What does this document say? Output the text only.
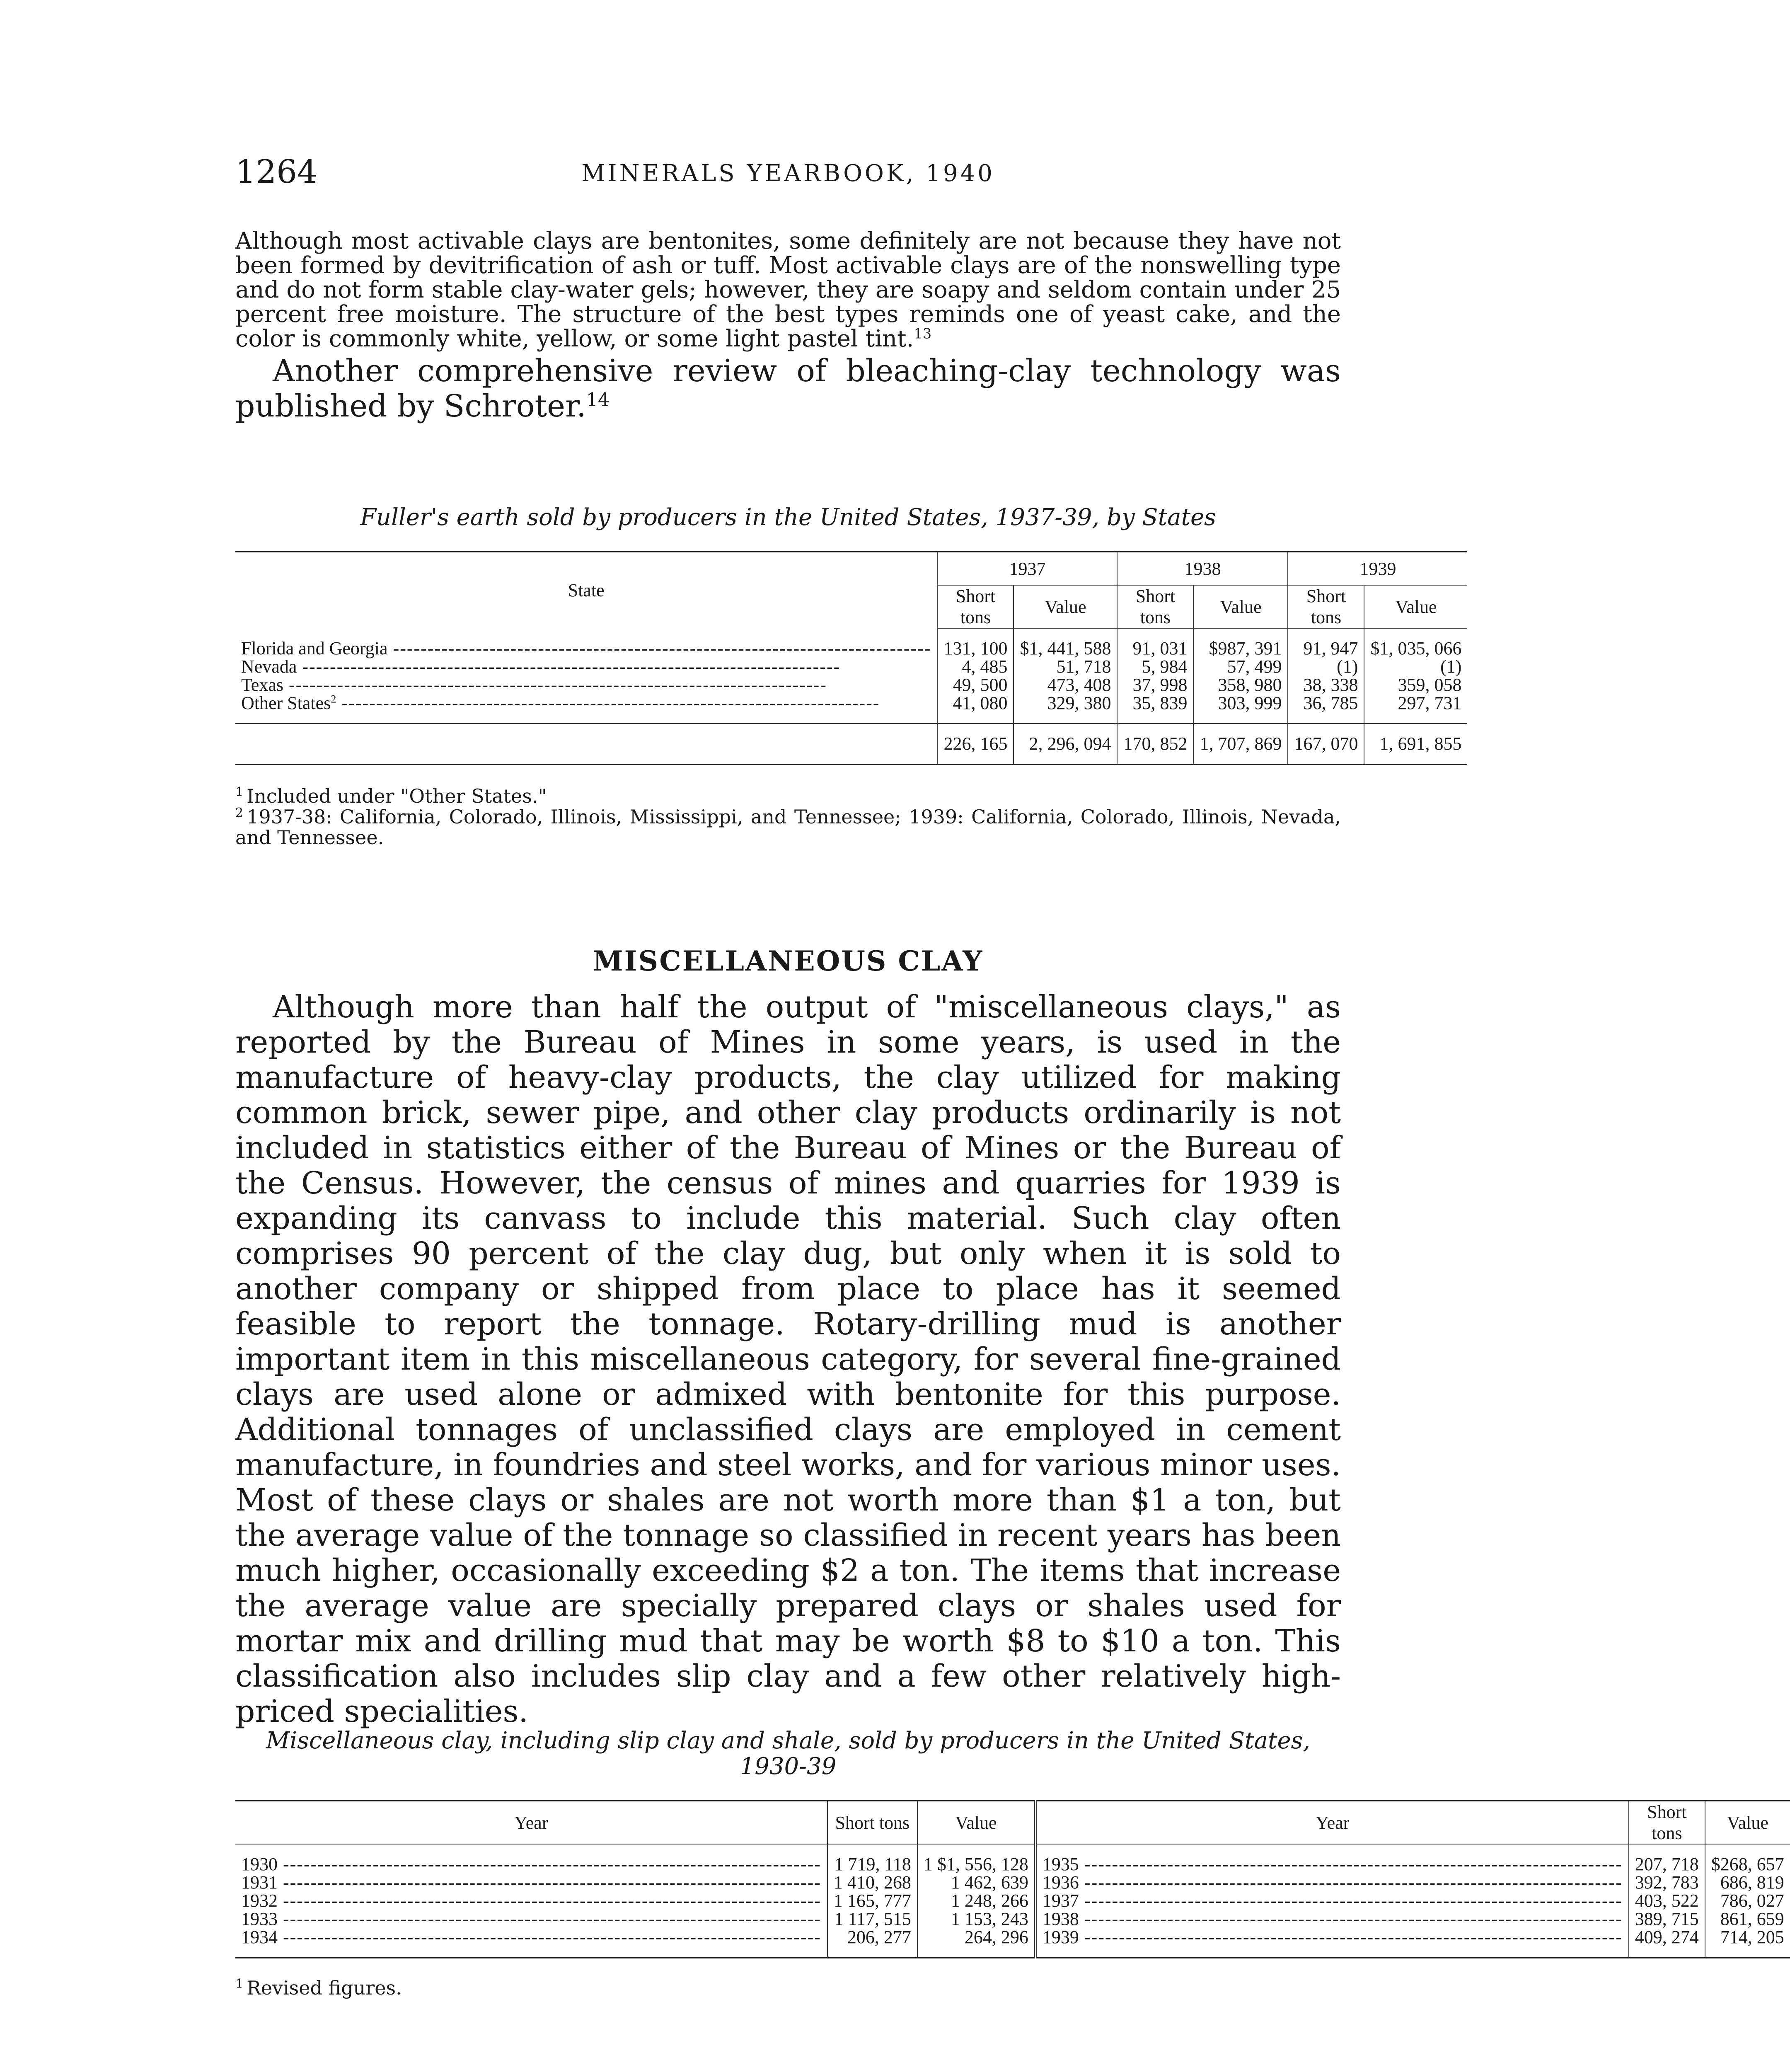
1264	MINERALS YEARBOOK, 1940

Although most activable clays are bentonites, some definitely are not because they have not been formed by devitrification of ash or tuff. Most activable clays are of the nonswelling type and do not form stable clay-water gels; however, they are soapy and seldom contain under 25 percent free moisture. The structure of the best types reminds one of yeast cake, and the color is commonly white, yellow, or some light pastel tint.$^{13}$

Another comprehensive review of bleaching-clay technology was published by Schroter.$^{14}$

Fuller's earth sold by producers in the United States, 1937-39, by States

State	1937		1938		1939	
	Short tons	Value	Short tons	Value	Short tons	Value
Florida and Georgia -----	131, 100	$1, 441, 588	91, 031	$987, 391	91, 947	$1, 035, 066
Nevada -----	4, 485	51, 718	5, 984	57, 499	(1)	(1)
Texas -----	49, 500	473, 408	37, 998	358, 980	38, 338	359, 058
Other States$^2$ -----	41, 080	329, 380	35, 839	303, 999	36, 785	297, 731
	226, 165	2, 296, 094	170, 852	1, 707, 869	167, 070	1, 691, 855

$^1$ Included under "Other States."

$^2$ 1937-38: California, Colorado, Illinois, Mississippi, and Tennessee; 1939: California, Colorado, Illinois, Nevada, and Tennessee.

MISCELLANEOUS CLAY

Although more than half the output of "miscellaneous clays," as reported by the Bureau of Mines in some years, is used in the manufacture of heavy-clay products, the clay utilized for making common brick, sewer pipe, and other clay products ordinarily is not included in statistics either of the Bureau of Mines or the Bureau of the Census. However, the census of mines and quarries for 1939 is expanding its canvass to include this material. Such clay often comprises 90 percent of the clay dug, but only when it is sold to another company or shipped from place to place has it seemed feasible to report the tonnage. Rotary-drilling mud is another important item in this miscellaneous category, for several fine-grained clays are used alone or admixed with bentonite for this purpose. Additional tonnages of unclassified clays are employed in cement manufacture, in foundries and steel works, and for various minor uses. Most of these clays or shales are not worth more than $1 a ton, but the average value of the tonnage so classified in recent years has been much higher, occasionally exceeding $2 a ton. The items that increase the average value are specially prepared clays or shales used for mortar mix and drilling mud that may be worth $8 to $10 a ton. This classification also includes slip clay and a few other relatively high-priced specialities.

Miscellaneous clay, including slip clay and shale, sold by producers in the United States, 1930-39

Year	Short tons	Value	Year	Short tons	Value
1930 -----	1 719, 118	1 $1, 556, 128	1935 -----	207, 718	$268, 657
1931 -----	1 410, 268	1 462, 639	1936 -----	392, 783	686, 819
1932 -----	1 165, 777	1 248, 266	1937 -----	403, 522	786, 027
1933 -----	1 117, 515	1 153, 243	1938 -----	389, 715	861, 659
1934 -----	206, 277	264, 296	1939 -----	409, 274	714, 205

$^1$ Revised figures.
